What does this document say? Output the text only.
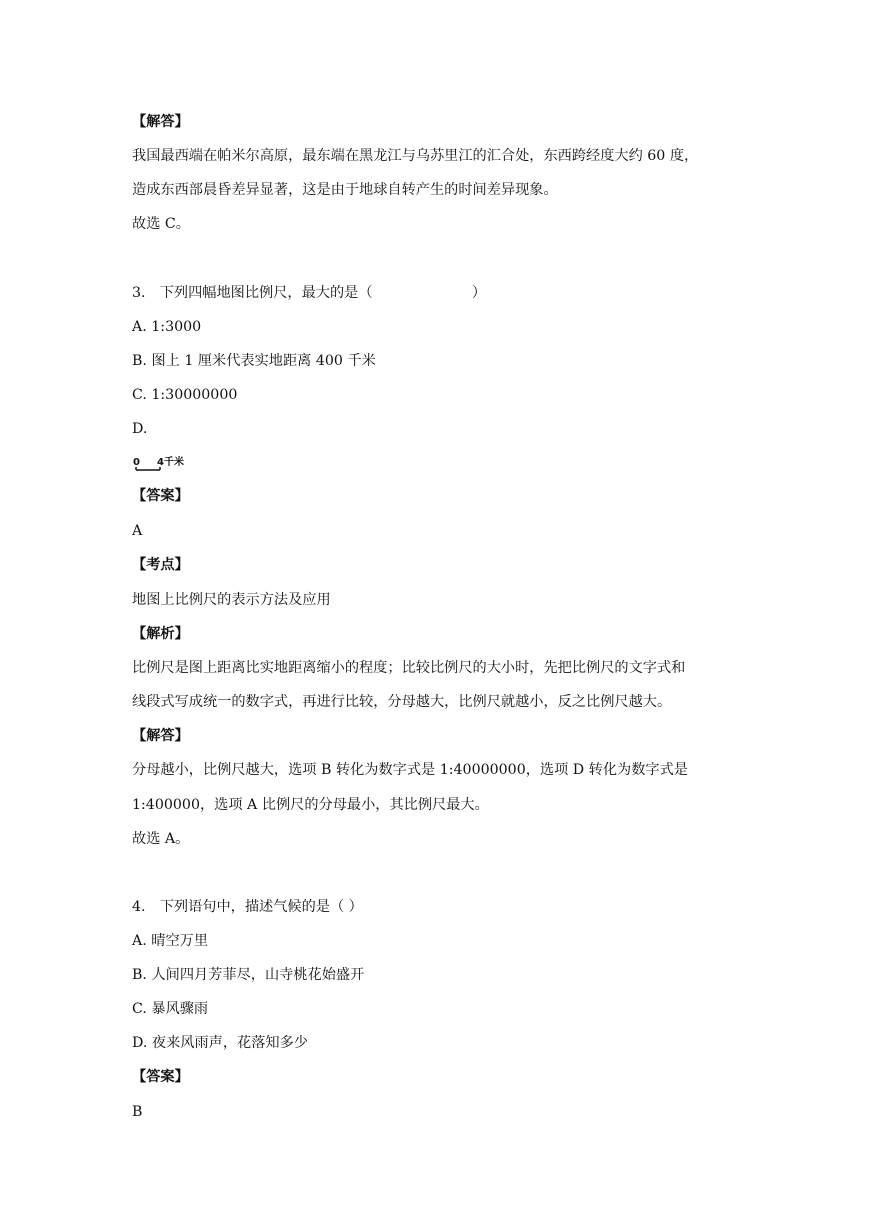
【解答】
我国最西端在帕米尔高原，最东端在黑龙江与乌苏里江的汇合处，东西跨经度大约 60 度，
造成东西部晨昏差异显著，这是由于地球自转产生的时间差异现象。
故选 C。
3.　下列四幅地图比例尺，最大的是（　　　　　　　）
A. 1:3000
B. 图上 1 厘米代表实地距离 400 千米
C. 1:30000000
D.
0 4千米
【答案】
A
【考点】
地图上比例尺的表示方法及应用
【解析】
比例尺是图上距离比实地距离缩小的程度；比较比例尺的大小时，先把比例尺的文字式和
线段式写成统一的数字式，再进行比较，分母越大，比例尺就越小，反之比例尺越大。
【解答】
分母越小，比例尺越大，选项 B 转化为数字式是 1:40000000，选项 D 转化为数字式是
1:400000，选项 A 比例尺的分母最小，其比例尺最大。
故选 A。
4.　下列语句中，描述气候的是（ ）
A. 晴空万里
B. 人间四月芳菲尽，山寺桃花始盛开
C. 暴风骤雨
D. 夜来风雨声，花落知多少
【答案】
B
